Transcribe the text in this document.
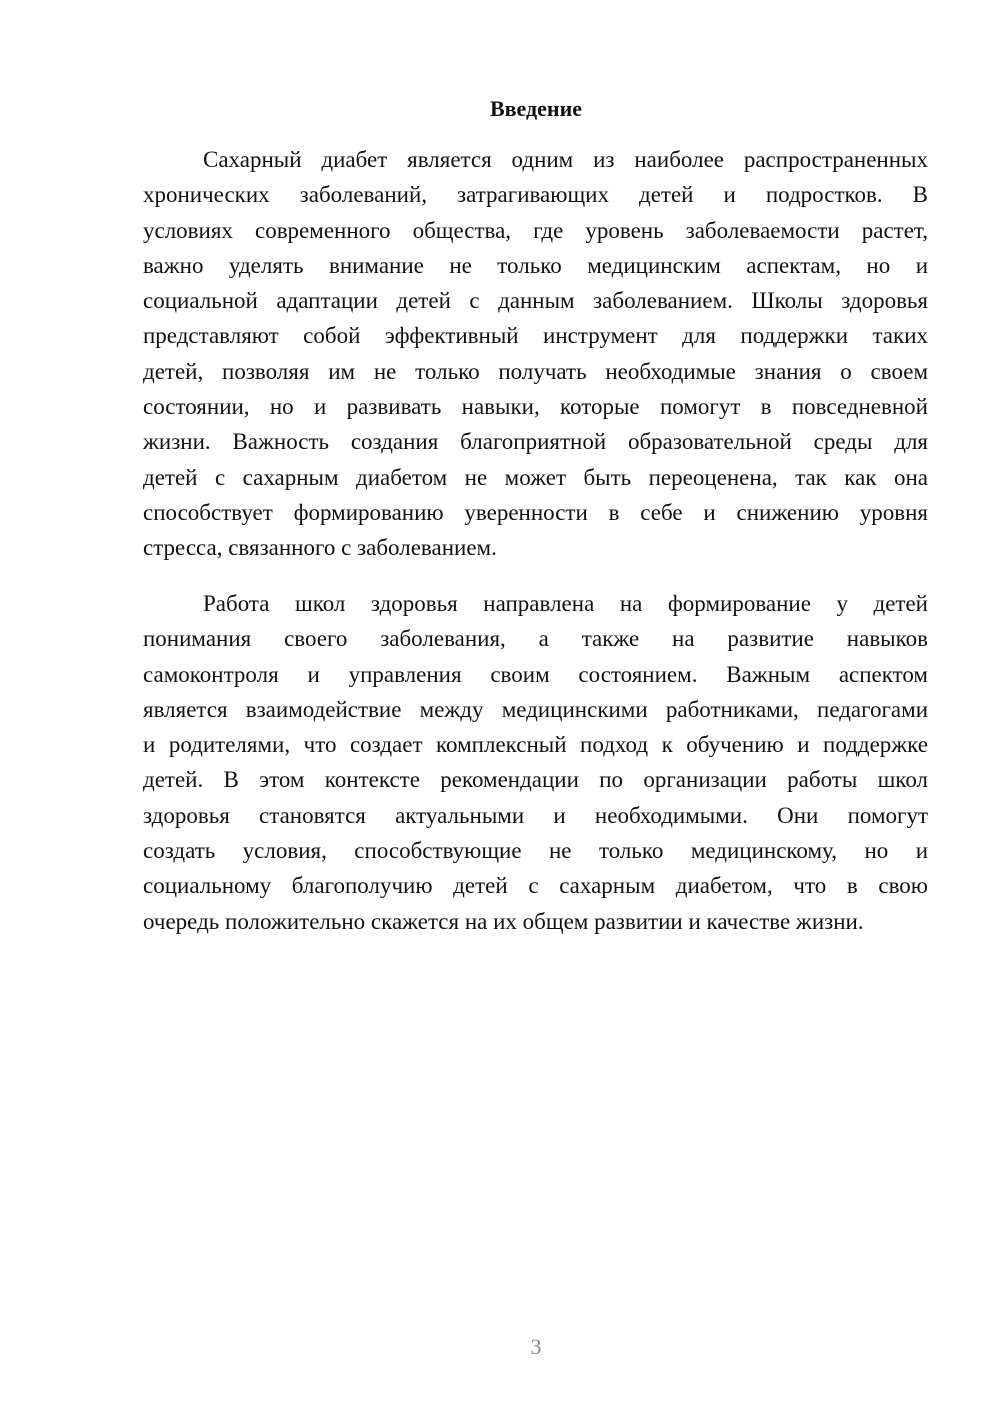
Введение
Сахарный диабет является одним из наиболее распространенных
хронических заболеваний, затрагивающих детей и подростков. В
условиях современного общества, где уровень заболеваемости растет,
важно уделять внимание не только медицинским аспектам, но и
социальной адаптации детей с данным заболеванием. Школы здоровья
представляют собой эффективный инструмент для поддержки таких
детей, позволяя им не только получать необходимые знания о своем
состоянии, но и развивать навыки, которые помогут в повседневной
жизни. Важность создания благоприятной образовательной среды для
детей с сахарным диабетом не может быть переоценена, так как она
способствует формированию уверенности в себе и снижению уровня
стресса, связанного с заболеванием.
Работа школ здоровья направлена на формирование у детей
понимания своего заболевания, а также на развитие навыков
самоконтроля и управления своим состоянием. Важным аспектом
является взаимодействие между медицинскими работниками, педагогами
и родителями, что создает комплексный подход к обучению и поддержке
детей. В этом контексте рекомендации по организации работы школ
здоровья становятся актуальными и необходимыми. Они помогут
создать условия, способствующие не только медицинскому, но и
социальному благополучию детей с сахарным диабетом, что в свою
очередь положительно скажется на их общем развитии и качестве жизни.
3
